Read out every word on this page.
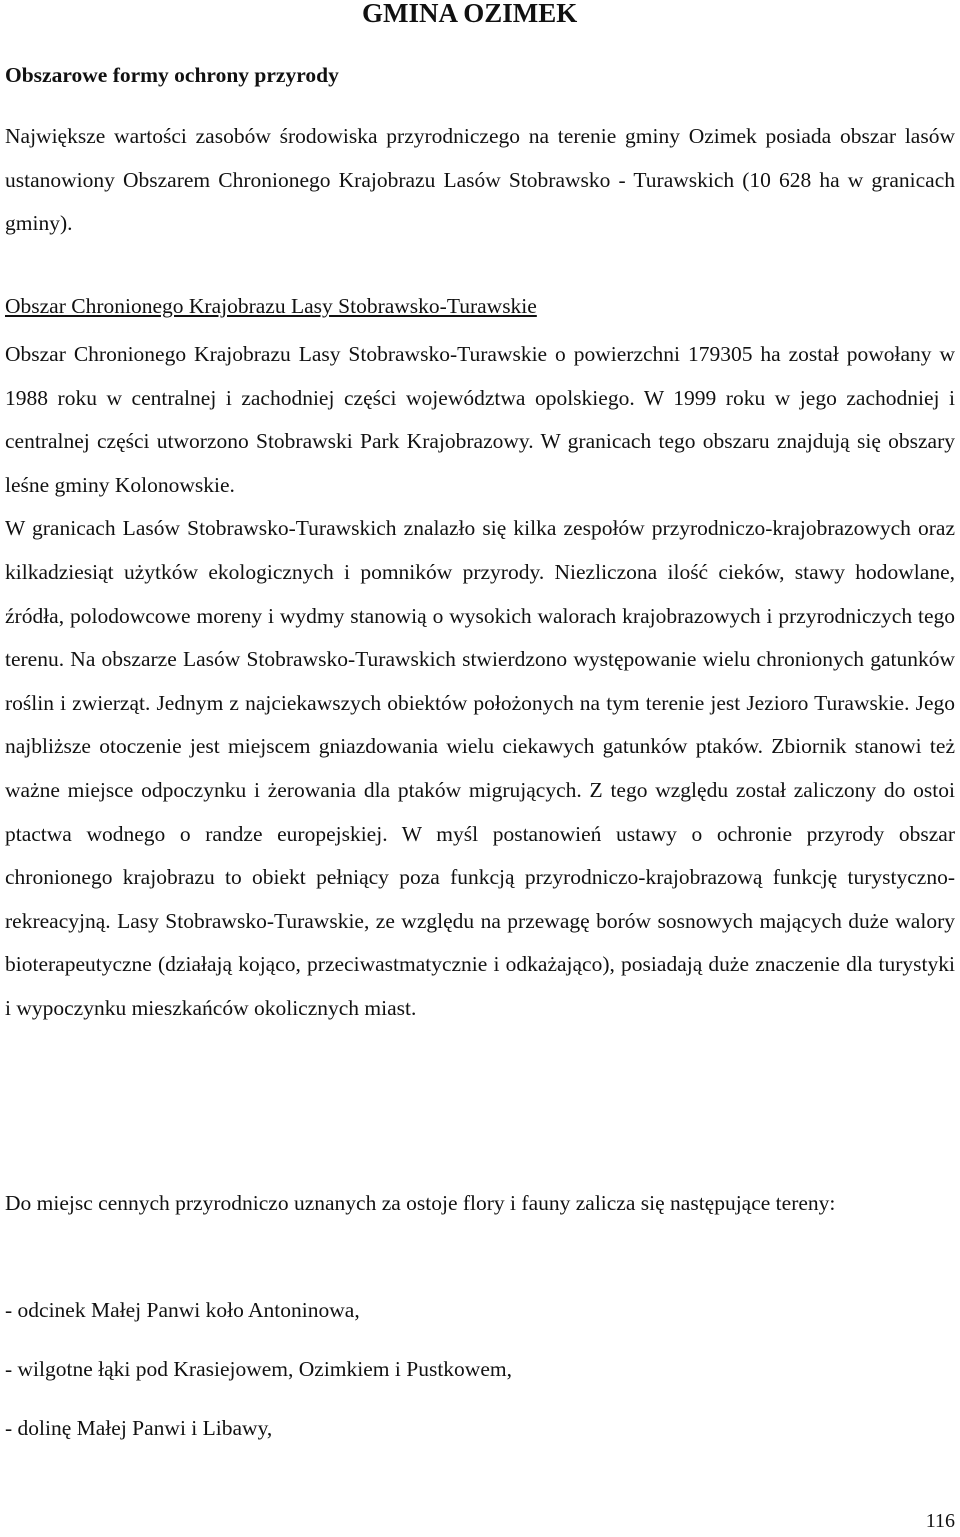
GMINA OZIMEK
Obszarowe formy ochrony przyrody

Największe wartości zasobów środowiska przyrodniczego na terenie gminy Ozimek posiada obszar lasów ustanowiony Obszarem Chronionego Krajobrazu Lasów Stobrawsko - Turawskich (10 628 ha w granicach gminy).

Obszar Chronionego Krajobrazu Lasy Stobrawsko-Turawskie

Obszar Chronionego Krajobrazu Lasy Stobrawsko-Turawskie o powierzchni 179305 ha został powołany w 1988 roku w centralnej i zachodniej części województwa opolskiego. W 1999 roku w jego zachodniej i centralnej części utworzono Stobrawski Park Krajobrazowy. W granicach tego obszaru znajdują się obszary leśne gminy Kolonowskie.
W granicach Lasów Stobrawsko-Turawskich znalazło się kilka zespołów przyrodniczo-krajobrazowych oraz kilkadziesiąt użytków ekologicznych i pomników przyrody. Niezliczona ilość cieków, stawy hodowlane, źródła, polodowcowe moreny i wydmy stanowią o wysokich walorach krajobrazowych i przyrodniczych tego terenu. Na obszarze Lasów Stobrawsko-Turawskich stwierdzono występowanie wielu chronionych gatunków roślin i zwierząt. Jednym z najciekawszych obiektów położonych na tym terenie jest Jezioro Turawskie. Jego najbliższe otoczenie jest miejscem gniazdowania wielu ciekawych gatunków ptaków. Zbiornik stanowi też ważne miejsce odpoczynku i żerowania dla ptaków migrujących. Z tego względu został zaliczony do ostoi ptactwa wodnego o randze europejskiej. W myśl postanowień ustawy o ochronie przyrody obszar chronionego krajobrazu to obiekt pełniący poza funkcją przyrodniczo-krajobrazową funkcję turystyczno-rekreacyjną. Lasy Stobrawsko-Turawskie, ze względu na przewagę borów sosnowych mających duże walory bioterapeutyczne (działają kojąco, przeciwastmatycznie i odkażająco), posiadają duże znaczenie dla turystyki i wypoczynku mieszkańców okolicznych miast.

Do miejsc cennych przyrodniczo uznanych za ostoje flory i fauny zalicza się następujące tereny:

- odcinek Małej Panwi koło Antoninowa,
- wilgotne łąki pod Krasiejowem, Ozimkiem i Pustkowem,
- dolinę Małej Panwi i Libawy,

116
